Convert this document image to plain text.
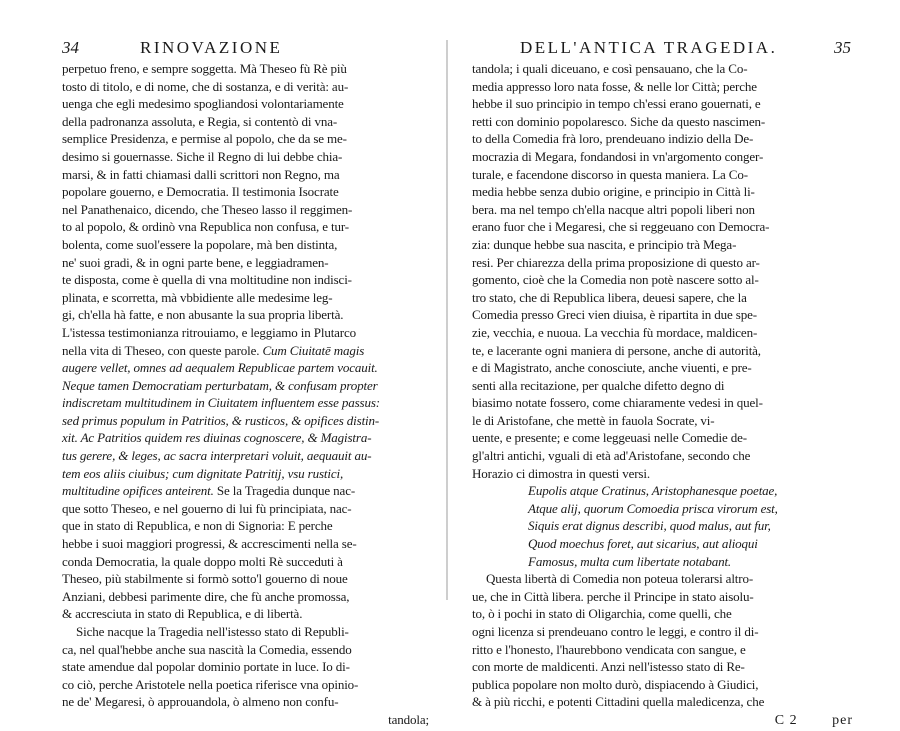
34	RINOVAZIONE
perpetuo freno, e sempre soggetta. Mà Theseo fù Rè più
tosto di titolo, e di nome, che di sostanza, e di verità: au-
uenga che egli medesimo spogliandosi volontariamente
della padronanza assoluta, e Regia, si contentò di vna-
semplice Presidenza, e permise al popolo, che da se me-
desimo si gouernasse. Siche il Regno di lui debbe chia-
marsi, & in fatti chiamasi dalli scrittori non Regno, ma
popolare gouerno, e Democratia. Il testimonia Isocrate
nel Panathenaico, dicendo, che Theseo lasso il reggimen-
to al popolo, & ordinò vna Republica non confusa, e tur-
bolenta, come suol'essere la popolare, mà ben distinta,
ne' suoi gradi, & in ogni parte bene, e leggiadramen-
te disposta, come è quella di vna moltitudine non indisci-
plinata, e scorretta, mà vbbidiente alle medesime leg-
gi, ch'ella hà fatte, e non abusante la sua propria libertà.
L'istessa testimonianza ritrouiamo, e leggiamo in Plutarco
nella vita di Theseo, con queste parole. Cum Ciuitatē magis
augere vellet, omnes ad aequalem Republicae partem vocauit.
Neque tamen Democratiam perturbatam, & confusam propter
indiscretam multitudinem in Ciuitatem influentem esse passus:
sed primus populum in Patritios, & rusticos, & opifices distin-
xit. Ac Patritios quidem res diuinas cognoscere, & Magistra-
tus gerere, & leges, ac sacra interpretari voluit, aequauit au-
tem eos aliis ciuibus; cum dignitate Patritij, vsu rustici,
multitudine opifices anteirent. Se la Tragedia dunque nac-
que sotto Theseo, e nel gouerno di lui fù principiata, nac-
que in stato di Republica, e non di Signoria: E perche
hebbe i suoi maggiori progressi, & accrescimenti nella se-
conda Democratia, la quale doppo molti Rè succeduti à
Theseo, più stabilmente si formò sotto'l gouerno di noue
Anziani, debbesi parimente dire, che fù anche promossa,
& accresciuta in stato di Republica, e di libertà.
Siche nacque la Tragedia nell'istesso stato di Republi-
ca, nel qual'hebbe anche sua nascità la Comedia, essendo
state amendue dal popolar dominio portate in luce. Io di-
co ciò, perche Aristotele nella poetica riferisce vna opinio-
ne de' Megaresi, ò approuandola, ò almeno non confu-
tandola;
DELL'ANTICA TRAGEDIA.	35
tandola; i quali diceuano, e così pensauano, che la Co-
media appresso loro nata fosse, & nelle lor Città; perche
hebbe il suo principio in tempo ch'essi erano gouernati, e
retti con dominio popolaresco. Siche da questo nascimen-
to della Comedia frà loro, prendeuano indizio della De-
mocrazia di Megara, fondandosi in vn'argomento conger-
turale, e facendone discorso in questa maniera. La Co-
media hebbe senza dubio origine, e principio in Città li-
bera. ma nel tempo ch'ella nacque altri popoli liberi non
erano fuor che i Megaresi, che si reggeuano con Democra-
zia: dunque hebbe sua nascita, e principio trà Mega-
resi. Per chiarezza della prima proposizione di questo ar-
gomento, cioè che la Comedia non potè nascere sotto al-
tro stato, che di Republica libera, deuesi sapere, che la
Comedia presso Greci vien diuisa, è ripartita in due spe-
zie, vecchia, e nuoua. La vecchia fù mordace, maldicen-
te, e lacerante ogni maniera di persone, anche di autorità,
e di Magistrato, anche conosciute, anche viuenti, e pre-
senti alla recitazione, per qualche difetto degno di
biasimo notate fossero, come chiaramente vedesi in quel-
le di Aristofane, che mettè in fauola Socrate, vi-
uente, e presente; e come leggeuasi nelle Comedie de-
gl'altri antichi, vguali di età ad'Aristofane, secondo che
Horazio ci dimostra in questi versi.
Eupolis atque Cratinus, Aristophanesque poetae,
Atque alij, quorum Comoedia prisca virorum est,
Siquis erat dignus describi, quod malus, aut fur,
Quod moechus foret, aut sicarius, aut alioqui
Famosus, multa cum libertate notabant.
Questa libertà di Comedia non poteua tolerarsi altro-
ue, che in Città libera. perche il Principe in stato aisolu-
to, ò i pochi in stato di Oligarchia, come quelli, che
ogni licenza si prendeuano contro le leggi, e contro il di-
ritto e l'honesto, l'haurebbono vendicata con sangue, e
con morte de maldicenti. Anzi nell'istesso stato di Re-
publica popolare non molto durò, dispiacendo à Giudici,
& à più ricchi, e potenti Cittadini quella maledicenza, che
C 2 per
